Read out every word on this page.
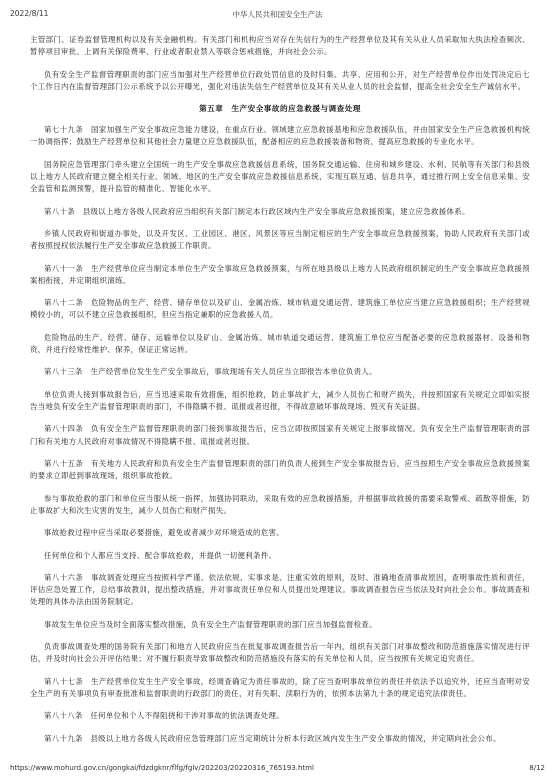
2022/8/11	中华人民共和国安全生产法

主管部门、证券监督管理机构以及有关金融机构。有关部门和机构应当对存在失信行为的生产经营单位及其有关从业人员采取加大执法检查频次、暂停项目审批、上调有关保险费率、行业或者职业禁入等联合惩戒措施，并向社会公示。

负有安全生产监督管理职责的部门应当加强对生产经营单位行政处罚信息的及时归集、共享、应用和公开，对生产经营单位作出处罚决定后七个工作日内在监督管理部门公示系统予以公开曝光，强化对违法失信生产经营单位及其有关从业人员的社会监督，提高全社会安全生产诚信水平。

第五章　生产安全事故的应急救援与调查处理

第七十九条　国家加强生产安全事故应急能力建设，在重点行业、领域建立应急救援基地和应急救援队伍，并由国家安全生产应急救援机构统一协调指挥；鼓励生产经营单位和其他社会力量建立应急救援队伍，配备相应的应急救援装备和物资，提高应急救援的专业化水平。

国务院应急管理部门牵头建立全国统一的生产安全事故应急救援信息系统，国务院交通运输、住房和城乡建设、水利、民航等有关部门和县级以上地方人民政府建立健全相关行业、领域、地区的生产安全事故应急救援信息系统，实现互联互通、信息共享，通过推行网上安全信息采集、安全监管和监测预警，提升监管的精准化、智能化水平。

第八十条　县级以上地方各级人民政府应当组织有关部门制定本行政区域内生产安全事故应急救援预案，建立应急救援体系。

乡镇人民政府和街道办事处，以及开发区、工业园区、港区、风景区等应当制定相应的生产安全事故应急救援预案，协助人民政府有关部门或者按照授权依法履行生产安全事故应急救援工作职责。

第八十一条　生产经营单位应当制定本单位生产安全事故应急救援预案，与所在地县级以上地方人民政府组织制定的生产安全事故应急救援预案相衔接，并定期组织演练。

第八十二条　危险物品的生产、经营、储存单位以及矿山、金属冶炼、城市轨道交通运营、建筑施工单位应当建立应急救援组织；生产经营规模较小的，可以不建立应急救援组织，但应当指定兼职的应急救援人员。

危险物品的生产、经营、储存、运输单位以及矿山、金属冶炼、城市轨道交通运营、建筑施工单位应当配备必要的应急救援器材、设备和物资，并进行经常性维护、保养，保证正常运转。

第八十三条　生产经营单位发生生产安全事故后，事故现场有关人员应当立即报告本单位负责人。

单位负责人接到事故报告后，应当迅速采取有效措施，组织抢救，防止事故扩大，减少人员伤亡和财产损失，并按照国家有关规定立即如实报告当地负有安全生产监督管理职责的部门，不得隐瞒不报、谎报或者迟报，不得故意破坏事故现场、毁灭有关证据。

第八十四条　负有安全生产监督管理职责的部门接到事故报告后，应当立即按照国家有关规定上报事故情况。负有安全生产监督管理职责的部门和有关地方人民政府对事故情况不得隐瞒不报、谎报或者迟报。

第八十五条　有关地方人民政府和负有安全生产监督管理职责的部门的负责人接到生产安全事故报告后，应当按照生产安全事故应急救援预案的要求立即赶到事故现场，组织事故抢救。

参与事故抢救的部门和单位应当服从统一指挥，加强协同联动，采取有效的应急救援措施，并根据事故救援的需要采取警戒、疏散等措施，防止事故扩大和次生灾害的发生，减少人员伤亡和财产损失。

事故抢救过程中应当采取必要措施，避免或者减少对环境造成的危害。

任何单位和个人都应当支持、配合事故抢救，并提供一切便利条件。

第八十六条　事故调查处理应当按照科学严谨、依法依规、实事求是、注重实效的原则，及时、准确地查清事故原因，查明事故性质和责任，评估应急处置工作，总结事故教训，提出整改措施，并对事故责任单位和人员提出处理建议。事故调查报告应当依法及时向社会公布。事故调查和处理的具体办法由国务院制定。

事故发生单位应当及时全面落实整改措施，负有安全生产监督管理职责的部门应当加强监督检查。

负责事故调查处理的国务院有关部门和地方人民政府应当在批复事故调查报告后一年内，组织有关部门对事故整改和防范措施落实情况进行评估，并及时向社会公开评估结果；对不履行职责导致事故整改和防范措施没有落实的有关单位和人员，应当按照有关规定追究责任。

第八十七条　生产经营单位发生生产安全事故，经调查确定为责任事故的，除了应当查明事故单位的责任并依法予以追究外，还应当查明对安全生产的有关事项负有审查批准和监督职责的行政部门的责任，对有失职、渎职行为的，依照本法第九十条的规定追究法律责任。

第八十八条　任何单位和个人不得阻挠和干涉对事故的依法调查处理。

第八十九条　县级以上地方各级人民政府应急管理部门应当定期统计分析本行政区域内发生生产安全事故的情况，并定期向社会公布。

https://www.mohurd.gov.cn/gongkai/fdzdgknr/flfg/fglv/202203/20220316_765193.html	8/12
